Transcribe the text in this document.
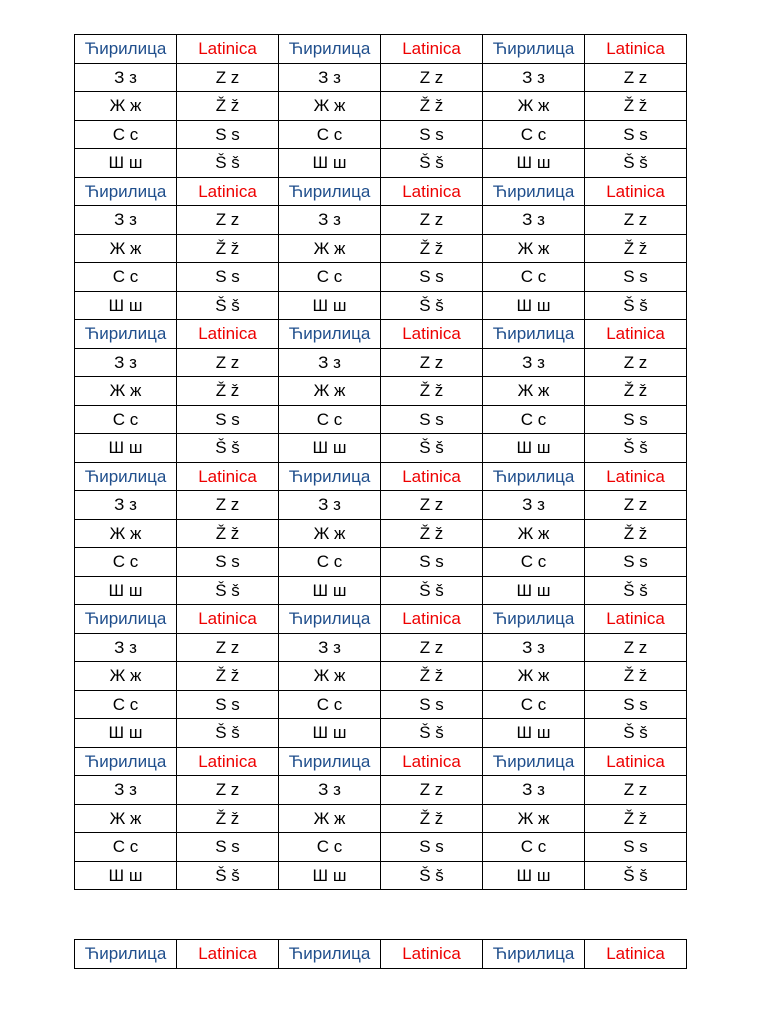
Ћирилица	Latinica	Ћирилица	Latinica	Ћирилица	Latinica
З з	Z z	З з	Z z	З з	Z z
Ж ж	Ž ž	Ж ж	Ž ž	Ж ж	Ž ž
С с	S s	С с	S s	С с	S s
Ш ш	Š š	Ш ш	Š š	Ш ш	Š š
Ћирилица	Latinica	Ћирилица	Latinica	Ћирилица	Latinica
З з	Z z	З з	Z z	З з	Z z
Ж ж	Ž ž	Ж ж	Ž ž	Ж ж	Ž ž
С с	S s	С с	S s	С с	S s
Ш ш	Š š	Ш ш	Š š	Ш ш	Š š
Ћирилица	Latinica	Ћирилица	Latinica	Ћирилица	Latinica
З з	Z z	З з	Z z	З з	Z z
Ж ж	Ž ž	Ж ж	Ž ž	Ж ж	Ž ž
С с	S s	С с	S s	С с	S s
Ш ш	Š š	Ш ш	Š š	Ш ш	Š š
Ћирилица	Latinica	Ћирилица	Latinica	Ћирилица	Latinica
З з	Z z	З з	Z z	З з	Z z
Ж ж	Ž ž	Ж ж	Ž ž	Ж ж	Ž ž
С с	S s	С с	S s	С с	S s
Ш ш	Š š	Ш ш	Š š	Ш ш	Š š
Ћирилица	Latinica	Ћирилица	Latinica	Ћирилица	Latinica
З з	Z z	З з	Z z	З з	Z z
Ж ж	Ž ž	Ж ж	Ž ž	Ж ж	Ž ž
С с	S s	С с	S s	С с	S s
Ш ш	Š š	Ш ш	Š š	Ш ш	Š š
Ћирилица	Latinica	Ћирилица	Latinica	Ћирилица	Latinica
З з	Z z	З з	Z z	З з	Z z
Ж ж	Ž ž	Ж ж	Ž ž	Ж ж	Ž ž
С с	S s	С с	S s	С с	S s
Ш ш	Š š	Ш ш	Š š	Ш ш	Š š
Ћирилица	Latinica	Ћирилица	Latinica	Ћирилица	Latinica
